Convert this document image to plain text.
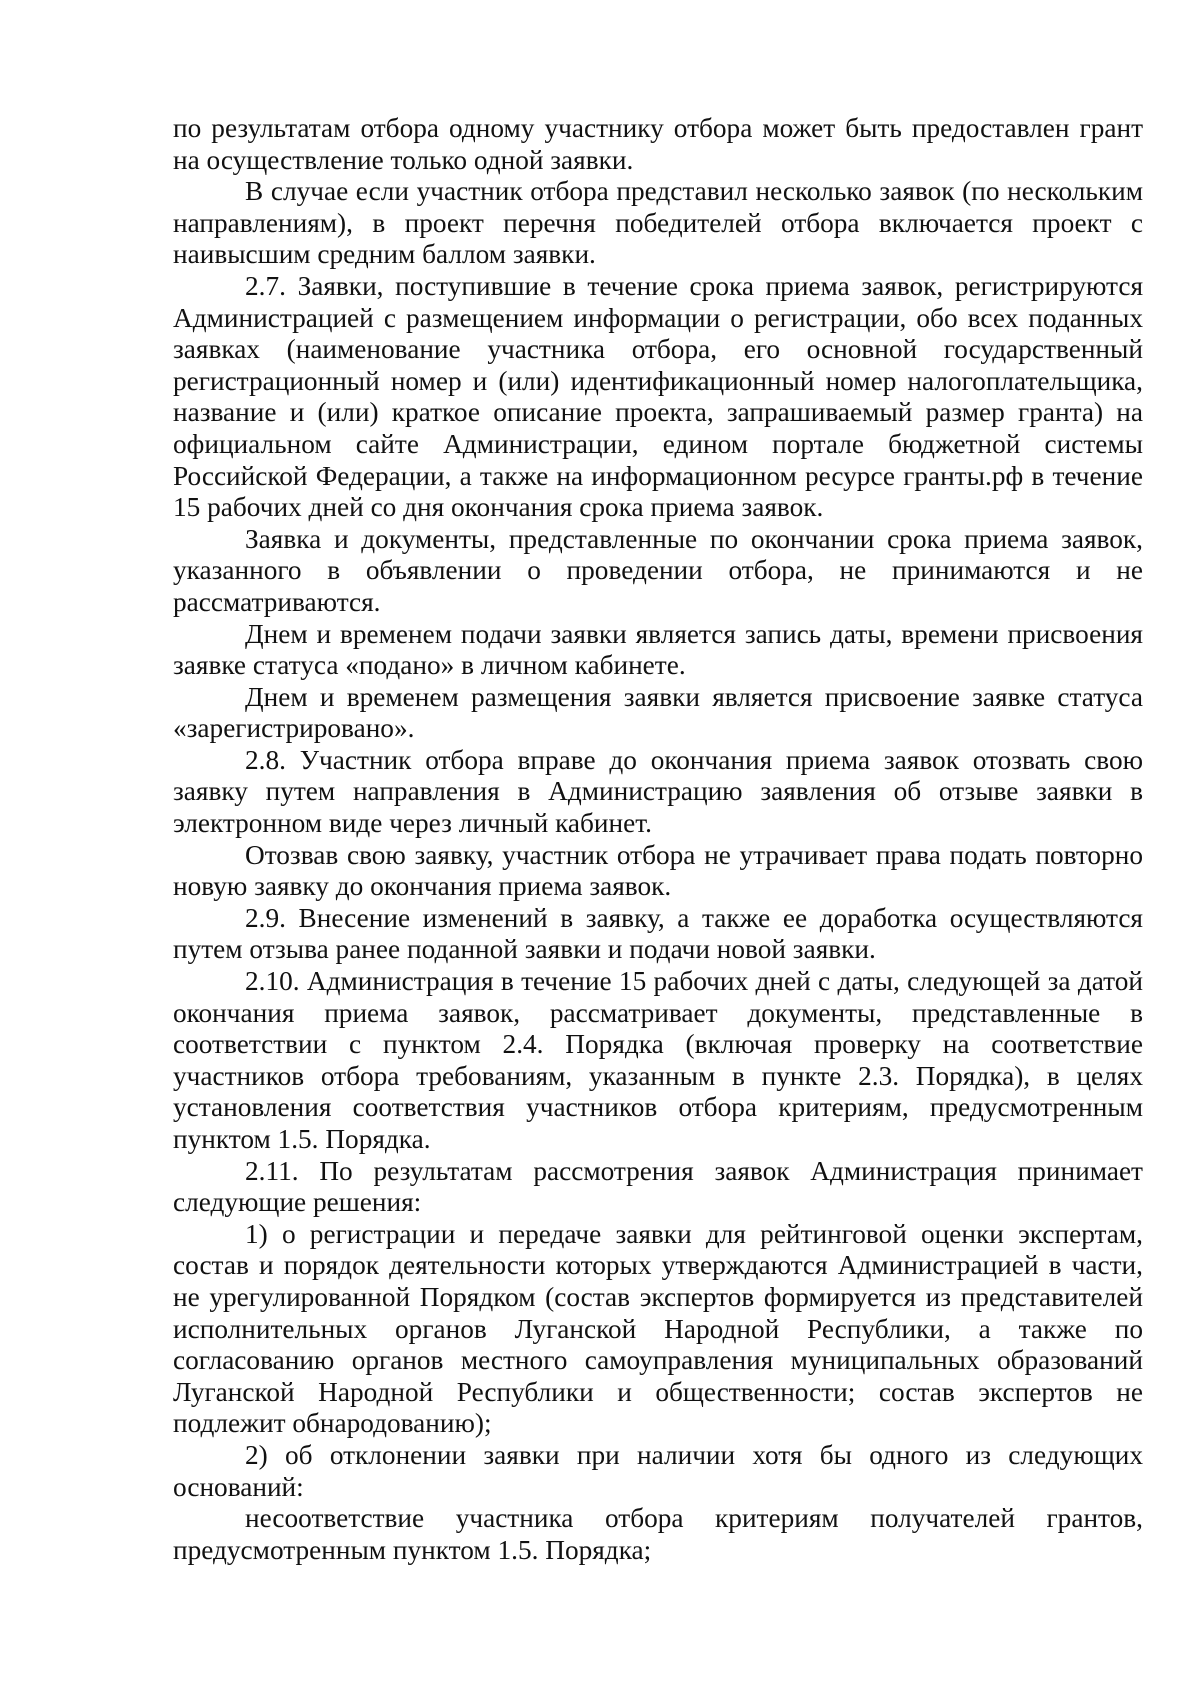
по результатам отбора одному участнику отбора может быть предоставлен грант на осуществление только одной заявки.

В случае если участник отбора представил несколько заявок (по нескольким направлениям), в проект перечня победителей отбора включается проект с наивысшим средним баллом заявки.

2.7. Заявки, поступившие в течение срока приема заявок, регистрируются Администрацией с размещением информации о регистрации, обо всех поданных заявках (наименование участника отбора, его основной государственный регистрационный номер и (или) идентификационный номер налогоплательщика, название и (или) краткое описание проекта, запрашиваемый размер гранта) на официальном сайте Администрации, едином портале бюджетной системы Российской Федерации, а также на информационном ресурсе гранты.рф в течение 15 рабочих дней со дня окончания срока приема заявок.

Заявка и документы, представленные по окончании срока приема заявок, указанного в объявлении о проведении отбора, не принимаются и не рассматриваются.

Днем и временем подачи заявки является запись даты, времени присвоения заявке статуса «подано» в личном кабинете.

Днем и временем размещения заявки является присвоение заявке статуса «зарегистрировано».

2.8. Участник отбора вправе до окончания приема заявок отозвать свою заявку путем направления в Администрацию заявления об отзыве заявки в электронном виде через личный кабинет.

Отозвав свою заявку, участник отбора не утрачивает права подать повторно новую заявку до окончания приема заявок.

2.9. Внесение изменений в заявку, а также ее доработка осуществляются путем отзыва ранее поданной заявки и подачи новой заявки.

2.10. Администрация в течение 15 рабочих дней с даты, следующей за датой окончания приема заявок, рассматривает документы, представленные в соответствии с пунктом 2.4. Порядка (включая проверку на соответствие участников отбора требованиям, указанным в пункте 2.3. Порядка), в целях установления соответствия участников отбора критериям, предусмотренным пунктом 1.5. Порядка.

2.11. По результатам рассмотрения заявок Администрация принимает следующие решения:

1) о регистрации и передаче заявки для рейтинговой оценки экспертам, состав и порядок деятельности которых утверждаются Администрацией в части, не урегулированной Порядком (состав экспертов формируется из представителей исполнительных органов Луганской Народной Республики, а также по согласованию органов местного самоуправления муниципальных образований Луганской Народной Республики и общественности; состав экспертов не подлежит обнародованию);

2) об отклонении заявки при наличии хотя бы одного из следующих оснований:

несоответствие участника отбора критериям получателей грантов, предусмотренным пунктом 1.5. Порядка;
